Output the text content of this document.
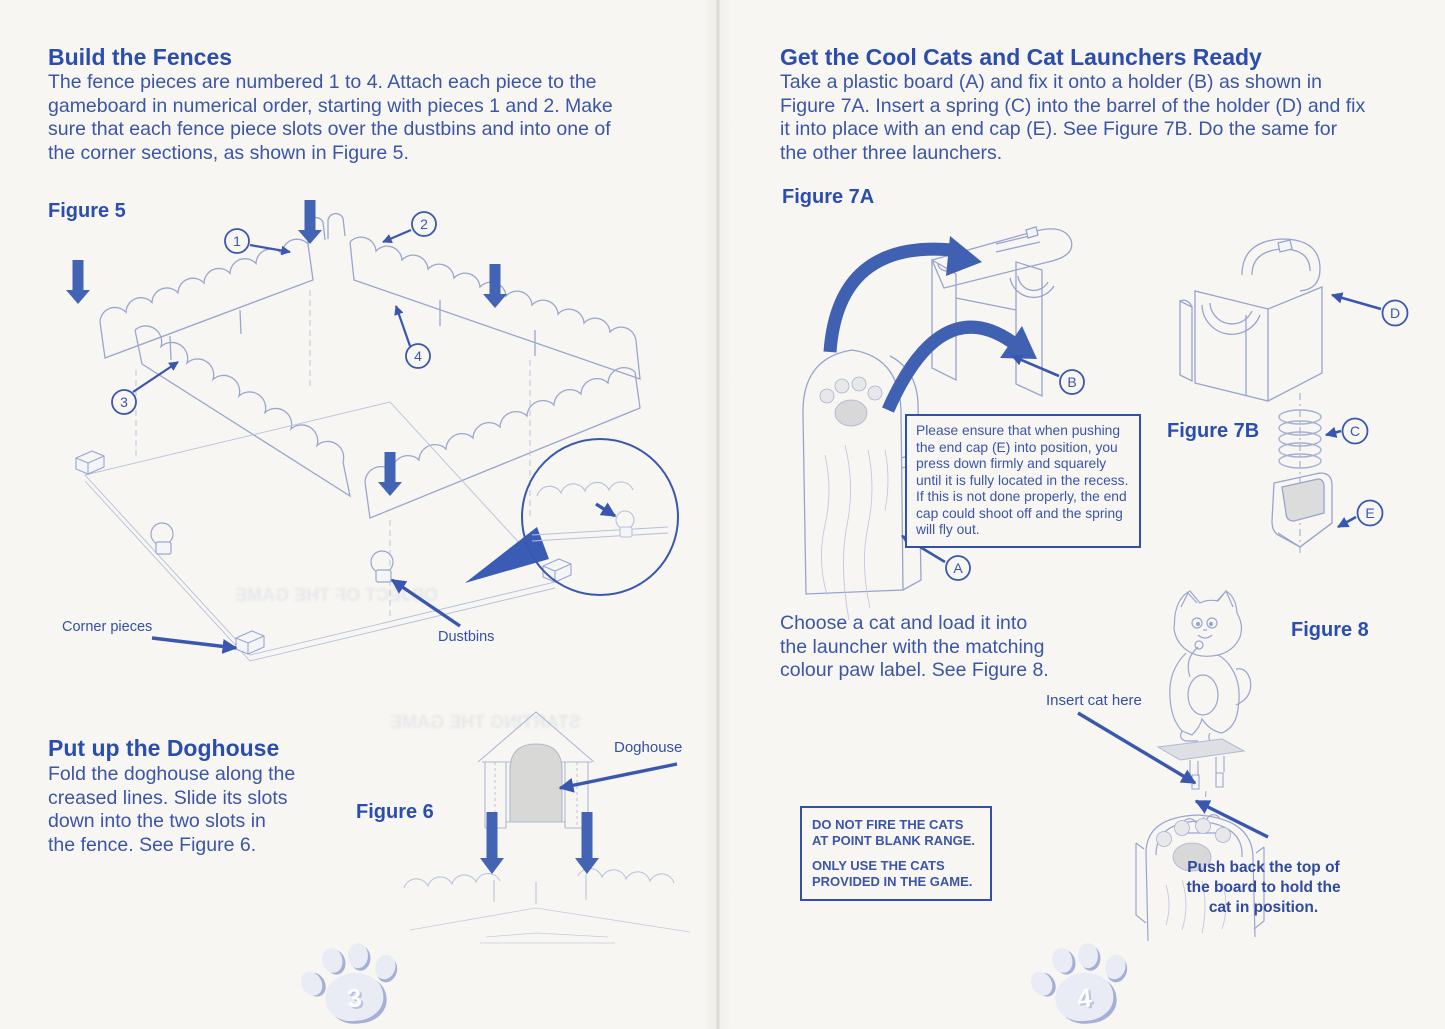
Build the Fences
The fence pieces are numbered 1 to 4. Attach each piece to the
gameboard in numerical order, starting with pieces 1 and 2. Make
sure that each fence piece slots over the dustbins and into one of
the corner sections, as shown in Figure 5.
Figure 5
1
2
3
4
Corner pieces
Dustbins
OBJECT OF THE GAME
STARTING THE GAME
Put up the Doghouse
Fold the doghouse along the
creased lines. Slide its slots
down into the two slots in
the fence. See Figure 6.
Figure 6
Doghouse
3
Get the Cool Cats and Cat Launchers Ready
Take a plastic board (A) and fix it onto a holder (B) as shown in
Figure 7A. Insert a spring (C) into the barrel of the holder (D) and fix
it into place with an end cap (E). See Figure 7B. Do the same for
the other three launchers.
Figure 7A
B
A
D
C
E
Figure 7B
Please ensure that when pushing
the end cap (E) into position, you
press down firmly and squarely
until it is fully located in the recess.
If this is not done properly, the end
cap could shoot off and the spring
will fly out.
Choose a cat and load it into
the launcher with the matching
colour paw label. See Figure 8.
Figure 8
Insert cat here
DO NOT FIRE THE CATS
AT POINT BLANK RANGE.
ONLY USE THE CATS
PROVIDED IN THE GAME.
Push back the top of
the board to hold the
cat in position.
4
